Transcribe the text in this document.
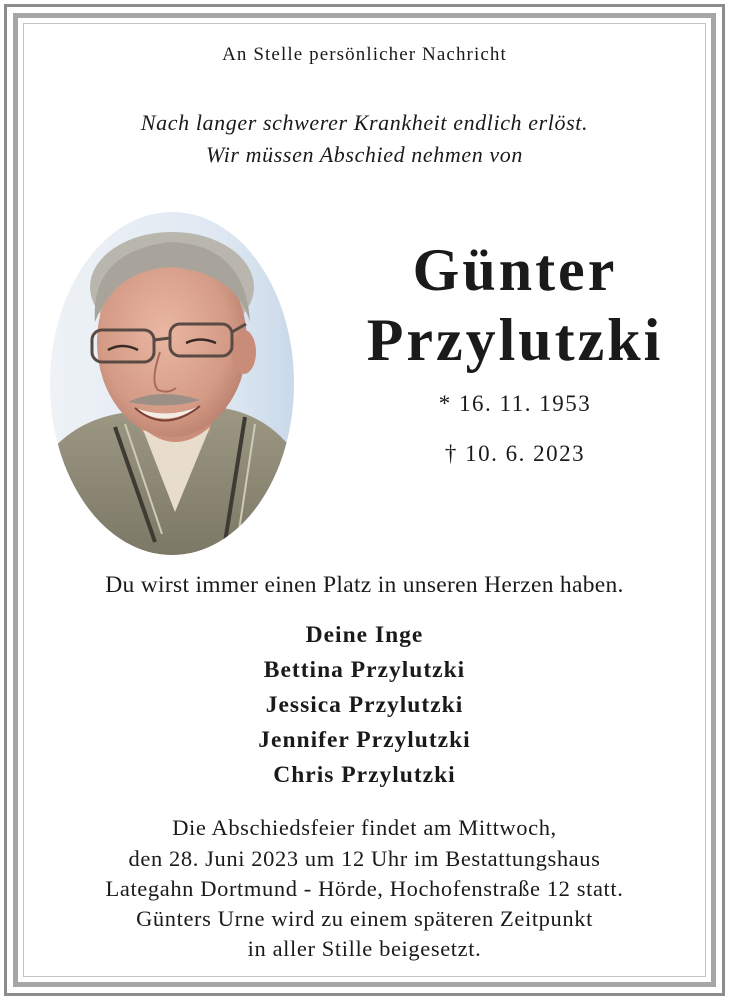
An Stelle persönlicher Nachricht
Nach langer schwerer Krankheit endlich erlöst.
Wir müssen Abschied nehmen von
Günter
Przylutzki
* 16. 11. 1953
† 10. 6. 2023
Du wirst immer einen Platz in unseren Herzen haben.
Deine Inge
Bettina Przylutzki
Jessica Przylutzki
Jennifer Przylutzki
Chris Przylutzki
Die Abschiedsfeier findet am Mittwoch,
den 28. Juni 2023 um 12 Uhr im Bestattungshaus
Lategahn Dortmund - Hörde, Hochofenstraße 12 statt.
Günters Urne wird zu einem späteren Zeitpunkt
in aller Stille beigesetzt.
